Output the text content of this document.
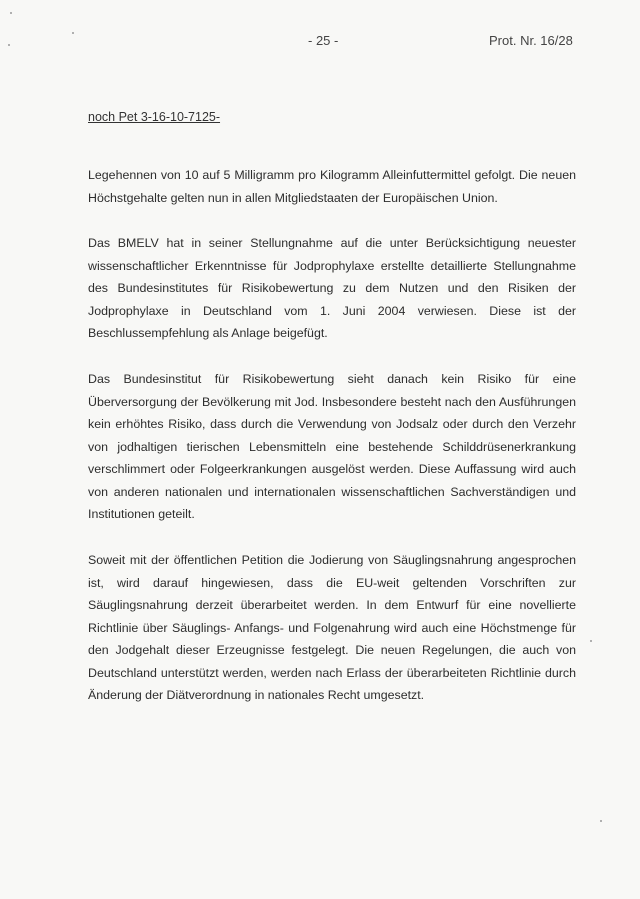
- 25 -	Prot. Nr. 16/28
noch Pet 3-16-10-7125-
Legehennen von 10 auf 5 Milligramm pro Kilogramm Alleinfuttermittel gefolgt. Die neuen Höchstgehalte gelten nun in allen Mitgliedstaaten der Europäischen Union.
Das BMELV hat in seiner Stellungnahme auf die unter Berücksichtigung neuester wissenschaftlicher Erkenntnisse für Jodprophylaxe erstellte detaillierte Stellungnahme des Bundesinstitutes für Risikobewertung zu dem Nutzen und den Risiken der Jodprophylaxe in Deutschland vom 1. Juni 2004 verwiesen. Diese ist der Beschlussempfehlung als Anlage beigefügt.
Das Bundesinstitut für Risikobewertung sieht danach kein Risiko für eine Überversorgung der Bevölkerung mit Jod. Insbesondere besteht nach den Ausführungen kein erhöhtes Risiko, dass durch die Verwendung von Jodsalz oder durch den Verzehr von jodhaltigen tierischen Lebensmitteln eine bestehende Schilddrüsenerkrankung verschlimmert oder Folgeerkrankungen ausgelöst werden. Diese Auffassung wird auch von anderen nationalen und internationalen wissenschaftlichen Sachverständigen und Institutionen geteilt.
Soweit mit der öffentlichen Petition die Jodierung von Säuglingsnahrung angesprochen ist, wird darauf hingewiesen, dass die EU-weit geltenden Vorschriften zur Säuglingsnahrung derzeit überarbeitet werden. In dem Entwurf für eine novellierte Richtlinie über Säuglings- Anfangs- und Folgenahrung wird auch eine Höchstmenge für den Jodgehalt dieser Erzeugnisse festgelegt. Die neuen Regelungen, die auch von Deutschland unterstützt werden, werden nach Erlass der überarbeiteten Richtlinie durch Änderung der Diätverordnung in nationales Recht umgesetzt.
